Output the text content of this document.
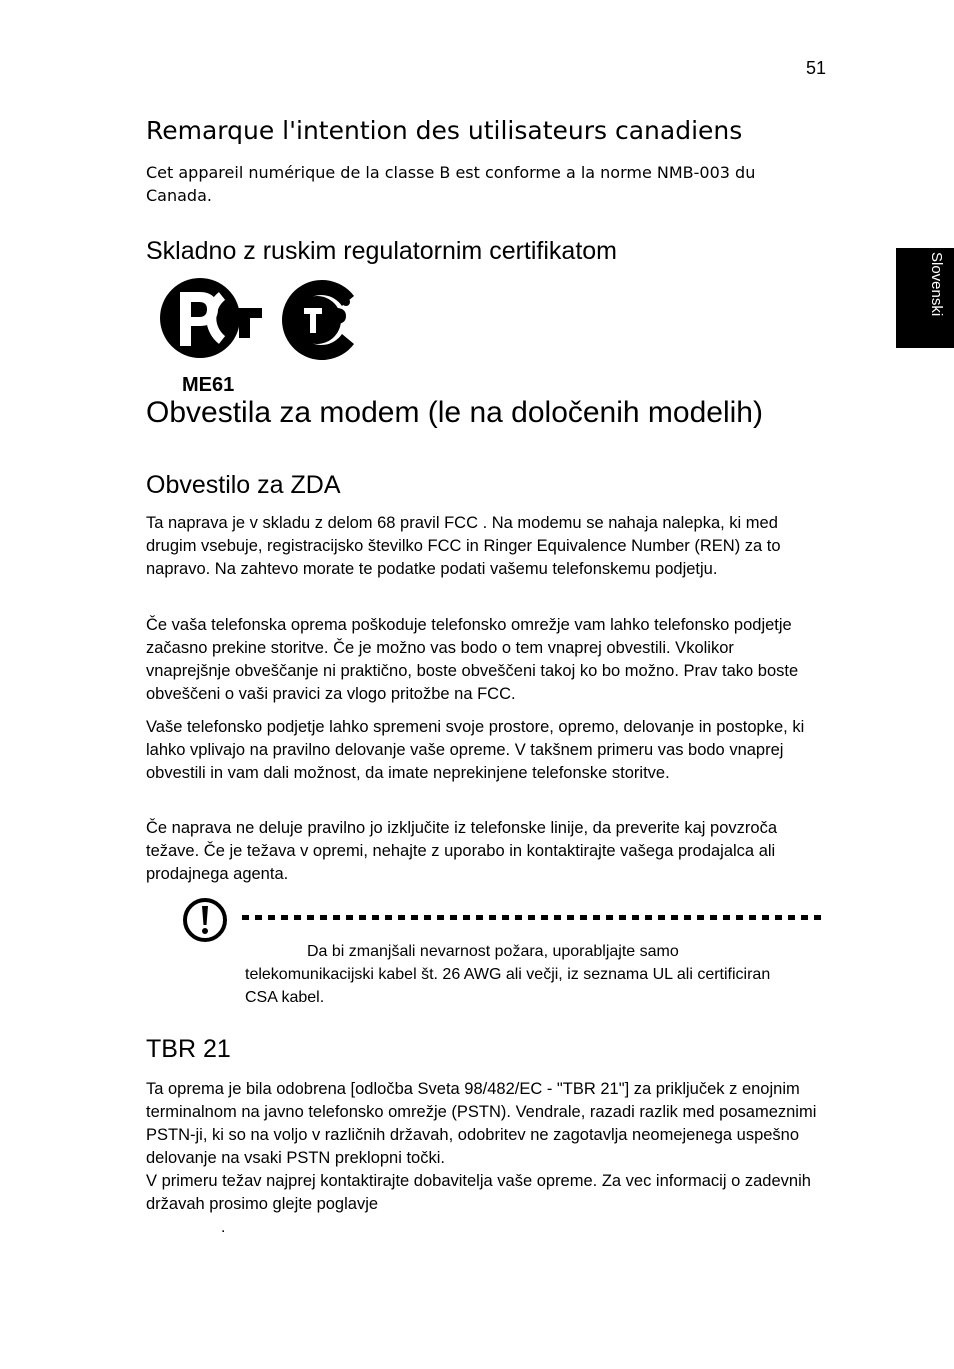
51
Slovenski
Remarque l'intention des utilisateurs canadiens
Cet appareil numérique de la classe B est conforme a la norme NMB-003 du Canada.
Skladno z ruskim regulatornim certifikatom
ME61
Obvestila za modem (le na določenih modelih)
Obvestilo za ZDA
Ta naprava je v skladu z delom 68 pravil FCC . Na modemu se nahaja nalepka, ki med drugim vsebuje, registracijsko številko FCC in Ringer Equivalence Number (REN) za to napravo. Na zahtevo morate te podatke podati vašemu telefonskemu podjetju.
Če vaša telefonska oprema poškoduje telefonsko omrežje vam lahko telefonsko podjetje začasno prekine storitve. Če je možno vas bodo o tem vnaprej obvestili. Vkolikor vnaprejšnje obveščanje ni praktično, boste obveščeni takoj ko bo možno. Prav tako boste obveščeni o vaši pravici za vlogo pritožbe na FCC.
Vaše telefonsko podjetje lahko spremeni svoje prostore, opremo, delovanje in postopke, ki lahko vplivajo na pravilno delovanje vaše opreme. V takšnem primeru vas bodo vnaprej obvestili in vam dali možnost, da imate neprekinjene telefonske storitve.
Če naprava ne deluje pravilno jo izključite iz telefonske linije, da preverite kaj povzroča težave. Če je težava v opremi, nehajte z uporabo in kontaktirajte vašega prodajalca ali prodajnega agenta.
Da bi zmanjšali nevarnost požara, uporabljajte samo
telekomunikacijski kabel št. 26 AWG ali večji, iz seznama UL ali certificiran CSA kabel.
TBR 21
Ta oprema je bila odobrena [odločba Sveta 98/482/EC - "TBR 21"] za priključek z enojnim terminalnom na javno telefonsko omrežje (PSTN). Vendrale, razadi razlik med posameznimi PSTN-ji, ki so na voljo v različnih državah, odobritev ne zagotavlja neomejenega uspešno delovanje na vsaki PSTN preklopni točki.
V primeru težav najprej kontaktirajte dobavitelja vaše opreme. Za vec informacij o zadevnih državah prosimo glejte poglavje
.
